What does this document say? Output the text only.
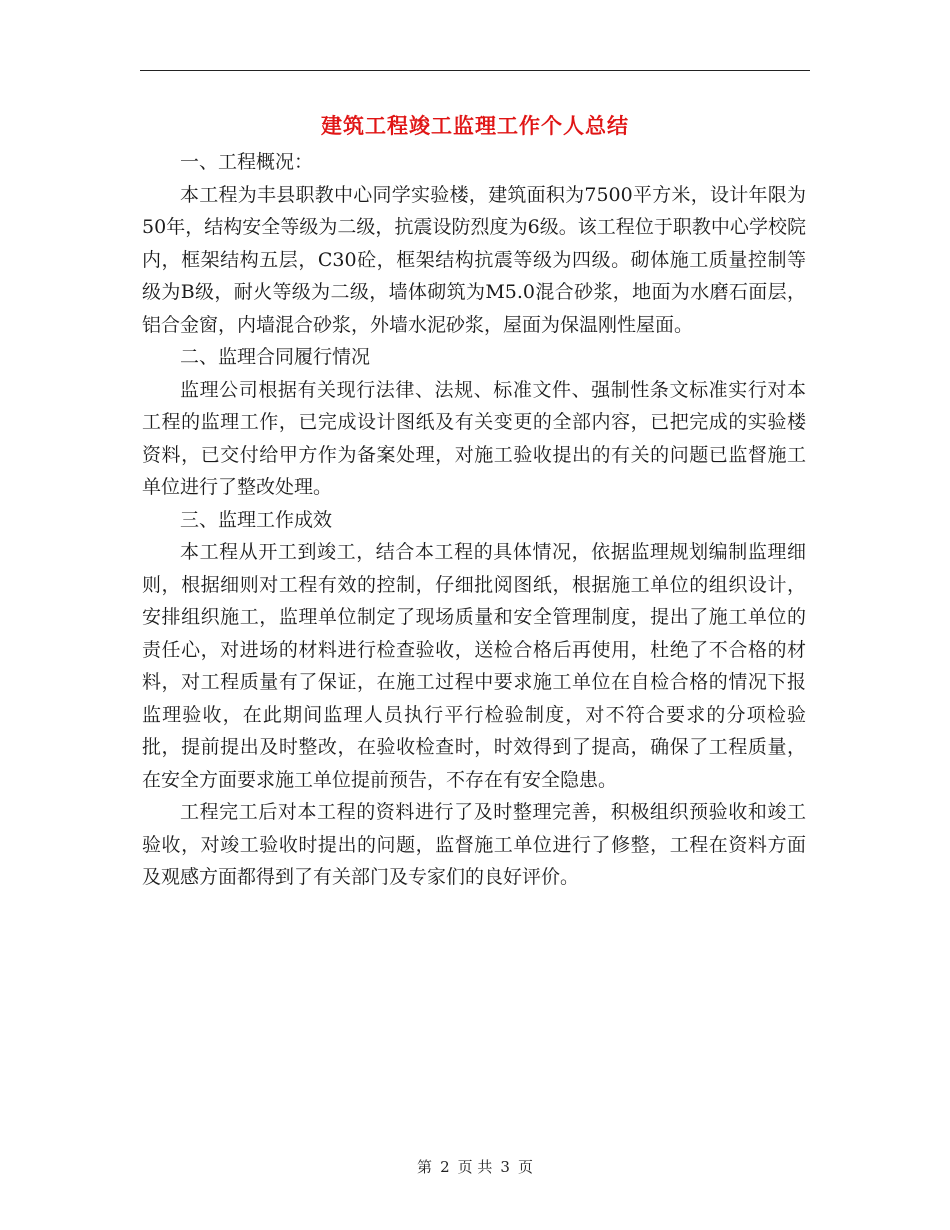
建筑工程竣工监理工作个人总结

一、工程概况：

本工程为丰县职教中心同学实验楼，建筑面积为7500平方米，设计年限为50年，结构安全等级为二级，抗震设防烈度为6级。该工程位于职教中心学校院内，框架结构五层，C30砼，框架结构抗震等级为四级。砌体施工质量控制等级为B级，耐火等级为二级，墙体砌筑为M5.0混合砂浆，地面为水磨石面层，铝合金窗，内墙混合砂浆，外墙水泥砂浆，屋面为保温刚性屋面。

二、监理合同履行情况

监理公司根据有关现行法律、法规、标准文件、强制性条文标准实行对本工程的监理工作，已完成设计图纸及有关变更的全部内容，已把完成的实验楼资料，已交付给甲方作为备案处理，对施工验收提出的有关的问题已监督施工单位进行了整改处理。

三、监理工作成效

本工程从开工到竣工，结合本工程的具体情况，依据监理规划编制监理细则，根据细则对工程有效的控制，仔细批阅图纸，根据施工单位的组织设计，安排组织施工，监理单位制定了现场质量和安全管理制度，提出了施工单位的责任心，对进场的材料进行检查验收，送检合格后再使用，杜绝了不合格的材料，对工程质量有了保证，在施工过程中要求施工单位在自检合格的情况下报监理验收，在此期间监理人员执行平行检验制度，对不符合要求的分项检验批，提前提出及时整改，在验收检查时，时效得到了提高，确保了工程质量，在安全方面要求施工单位提前预告，不存在有安全隐患。

工程完工后对本工程的资料进行了及时整理完善，积极组织预验收和竣工验收，对竣工验收时提出的问题，监督施工单位进行了修整，工程在资料方面及观感方面都得到了有关部门及专家们的良好评价。

第 2 页 共 3 页
